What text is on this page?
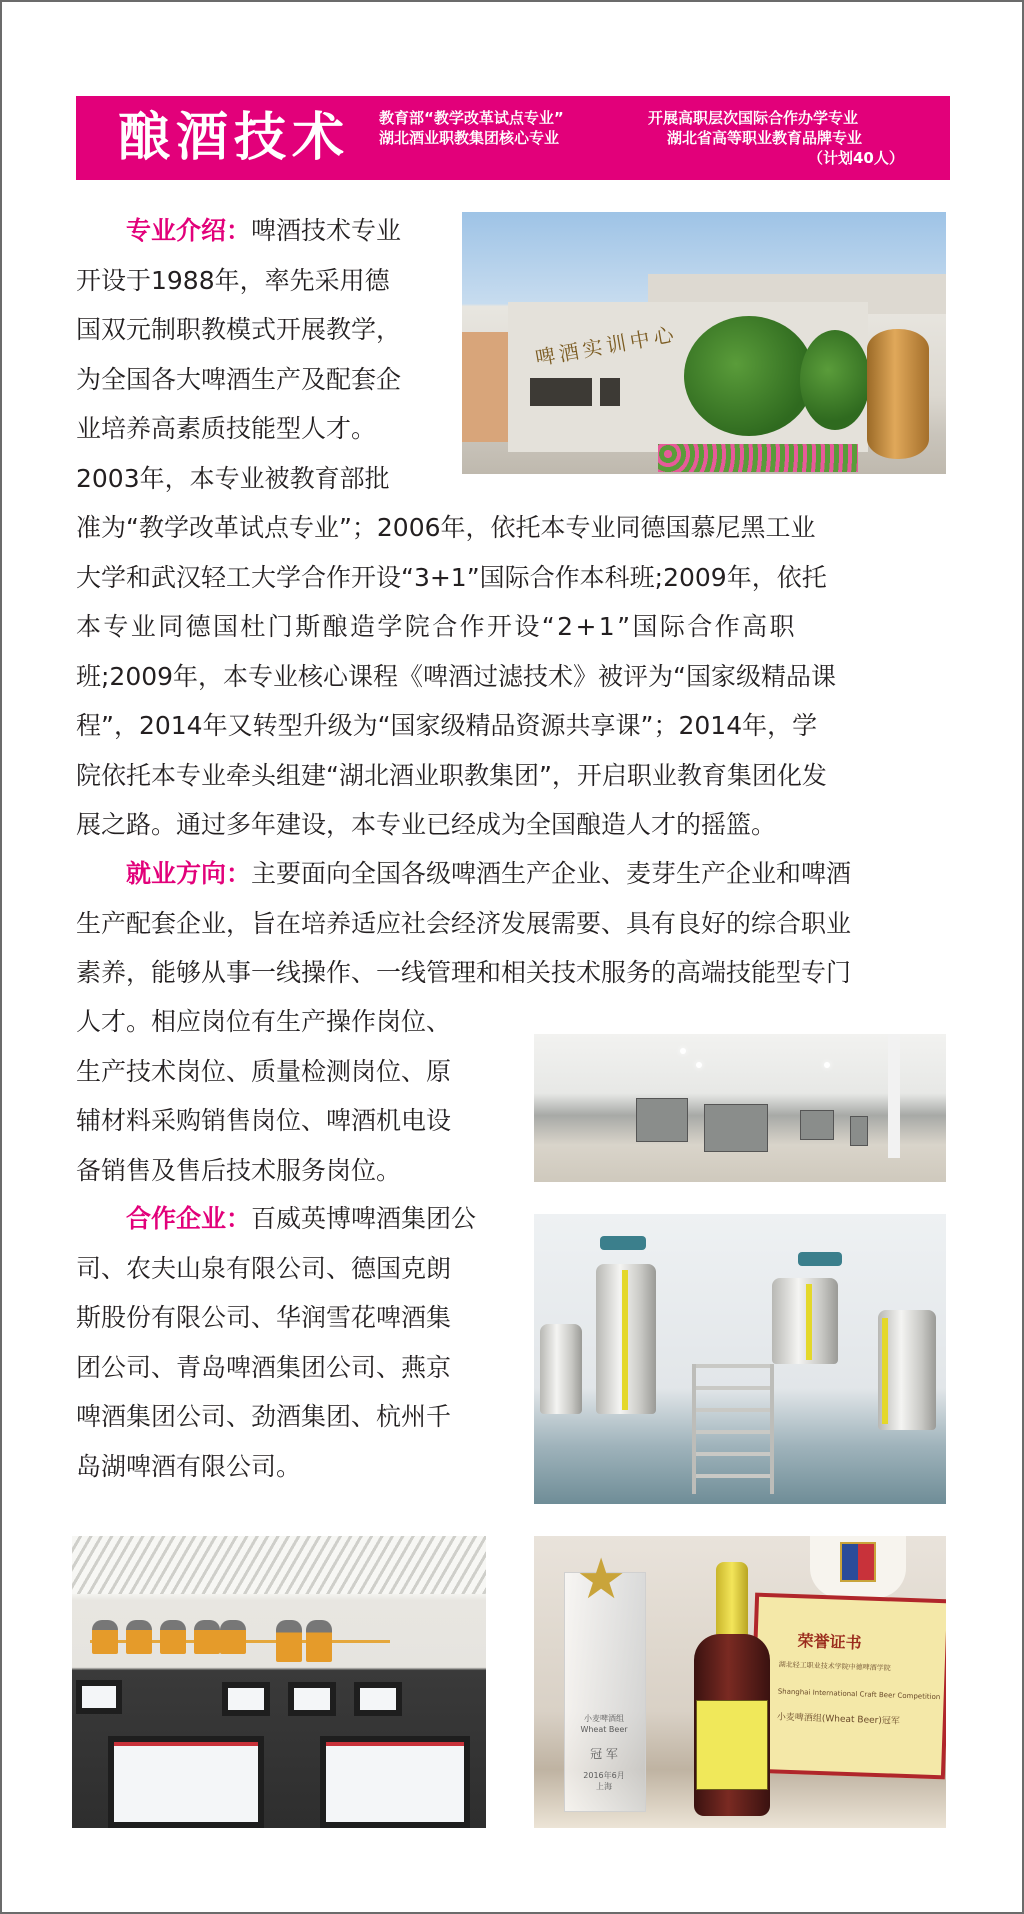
酿酒技术 教育部“教学改革试点专业”
湖北酒业职教集团核心专业
开展高职层次国际合作办学专业
湖北省高等职业教育品牌专业
（计划40人）
专业介绍：啤酒技术专业
开设于1988年，率先采用德
国双元制职教模式开展教学，
为全国各大啤酒生产及配套企
业培养高素质技能型人才。
2003年，本专业被教育部批
准为“教学改革试点专业”；2006年，依托本专业同德国慕尼黑工业
大学和武汉轻工大学合作开设“3+1”国际合作本科班;2009年，依托
本专业同德国杜门斯酿造学院合作开设“2+1”国际合作高职
班;2009年，本专业核心课程《啤酒过滤技术》被评为“国家级精品课
程”，2014年又转型升级为“国家级精品资源共享课”；2014年，学
院依托本专业牵头组建“湖北酒业职教集团”，开启职业教育集团化发
展之路。通过多年建设，本专业已经成为全国酿造人才的摇篮。
就业方向：主要面向全国各级啤酒生产企业、麦芽生产企业和啤酒
生产配套企业，旨在培养适应社会经济发展需要、具有良好的综合职业
素养，能够从事一线操作、一线管理和相关技术服务的高端技能型专门
人才。相应岗位有生产操作岗位、
生产技术岗位、质量检测岗位、原
辅材料采购销售岗位、啤酒机电设
备销售及售后技术服务岗位。
合作企业：百威英博啤酒集团公
司、农夫山泉有限公司、德国克朗
斯股份有限公司、华润雪花啤酒集
团公司、青岛啤酒集团公司、燕京
啤酒集团公司、劲酒集团、杭州千
岛湖啤酒有限公司。
啤酒实训中心
荣誉证书
湖北轻工职业技术学院中德啤酒学院
Shanghai International Craft Beer Competition
小麦啤酒组(Wheat Beer)冠军
小麦啤酒组
Wheat Beer
冠 军
2016年6月
上海
★
